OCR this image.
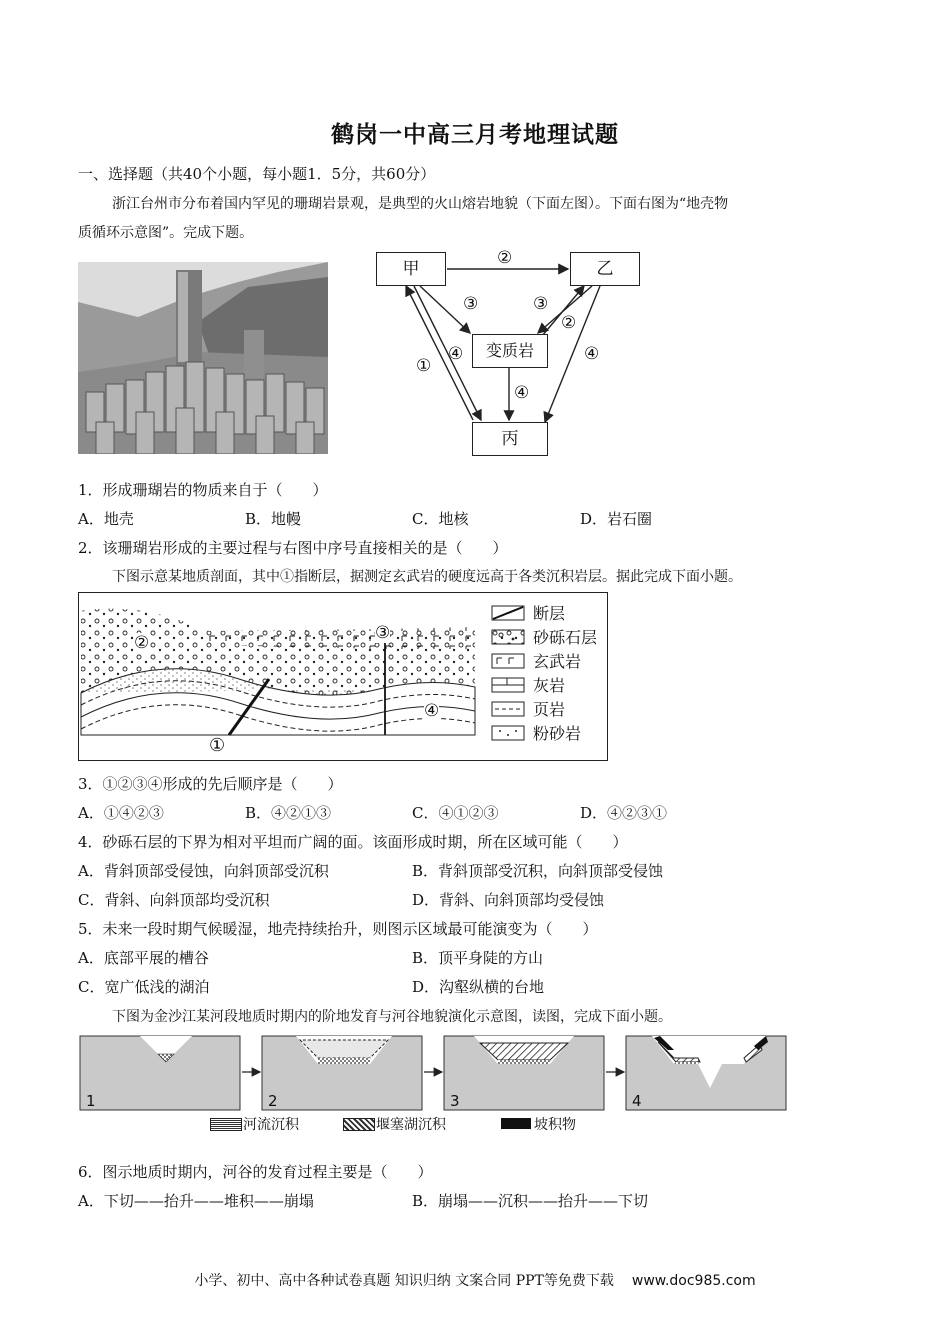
鹤岗一中高三月考地理试题
一、选择题（共40个小题，每小题1．5分，共60分）
浙江台州市分布着国内罕见的珊瑚岩景观，是典型的火山熔岩地貌（下面左图）。下面右图为“地壳物
质循环示意图”。完成下题。
甲	乙
变质岩
丙
②
③	③
②
④	④
①
④
1．形成珊瑚岩的物质来自于（　　）
A．地壳	B．地幔	C．地核	D．岩石圈
2．该珊瑚岩形成的主要过程与右图中序号直接相关的是（　　）
下图示意某地质剖面，其中①指断层，据测定玄武岩的硬度远高于各类沉积岩层。据此完成下面小题。
②	③
④
①
断层
砂砾石层
玄武岩
灰岩
页岩
粉砂岩
3．①②③④形成的先后顺序是（　　）
A．①④②③	B．④②①③	C．④①②③	D．④②③①
4．砂砾石层的下界为相对平坦而广阔的面。该面形成时期，所在区域可能（　　）
A．背斜顶部受侵蚀，向斜顶部受沉积	B．背斜顶部受沉积，向斜顶部受侵蚀
C．背斜、向斜顶部均受沉积	D．背斜、向斜顶部均受侵蚀
5．未来一段时期气候暖湿，地壳持续抬升，则图示区域最可能演变为（　　）
A．底部平展的槽谷	B．顶平身陡的方山
C．宽广低浅的湖泊	D．沟壑纵横的台地
下图为金沙江某河段地质时期内的阶地发育与河谷地貌演化示意图，读图，完成下面小题。
1	2	3	4
河流沉积	堰塞湖沉积	坡积物
6．图示地质时期内，河谷的发育过程主要是（　　）
A．下切——抬升——堆积——崩塌	B．崩塌——沉积——抬升——下切
小学、初中、高中各种试卷真题 知识归纳 文案合同 PPT等免费下载 www.doc985.com
